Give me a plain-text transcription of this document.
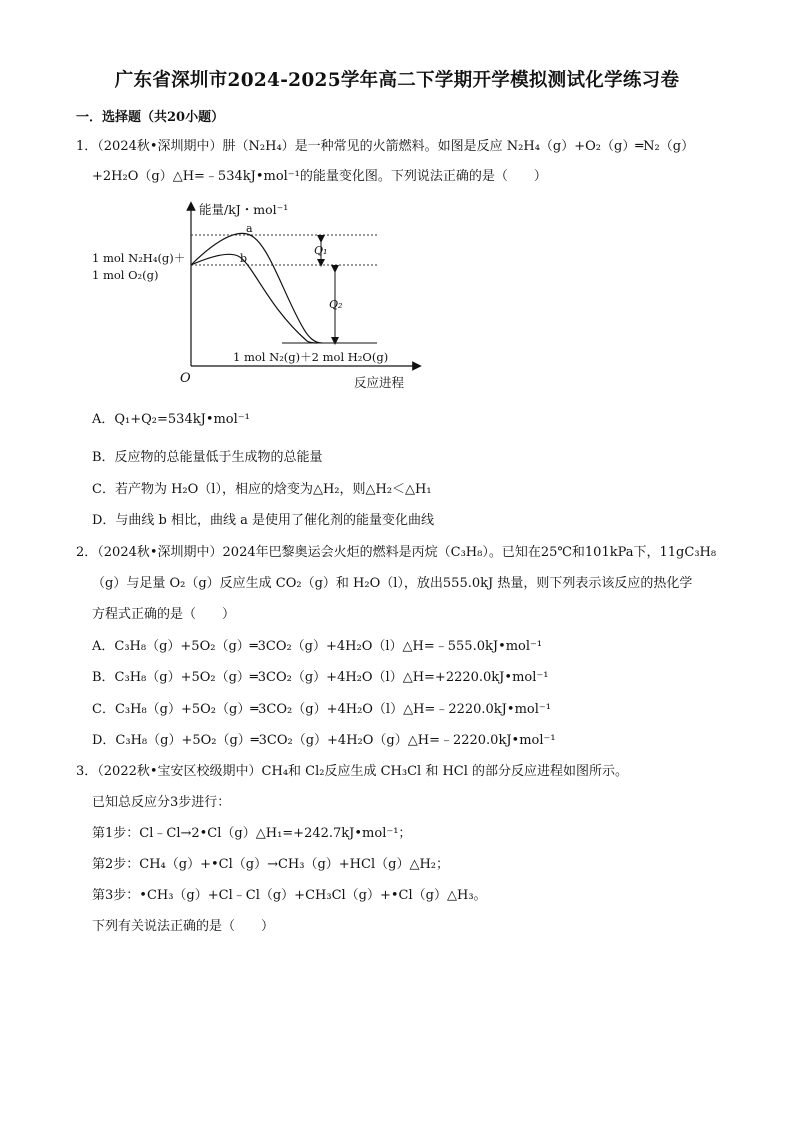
广东省深圳市2024-2025学年高二下学期开学模拟测试化学练习卷
一．选择题（共20小题）
1．（2024秋•深圳期中）肼（N₂H₄）是一种常见的火箭燃料。如图是反应 N₂H₄（g）+O₂（g）═N₂（g）
+2H₂O（g）△H=﹣534kJ•mol⁻¹的能量变化图。下列说法正确的是（　　）
能量/kJ・mol⁻¹
反应进程
O
1 mol N₂H₄(g)＋
1 mol O₂(g)
1 mol N₂(g)＋2 mol H₂O(g)
a
b
Q₁
Q₂
A．Q₁+Q₂=534kJ•mol⁻¹
B．反应物的总能量低于生成物的总能量
C．若产物为 H₂O（l），相应的焓变为△H₂，则△H₂＜△H₁
D．与曲线 b 相比，曲线 a 是使用了催化剂的能量变化曲线
2．（2024秋•深圳期中）2024年巴黎奥运会火炬的燃料是丙烷（C₃H₈）。已知在25℃和101kPa下，11gC₃H₈
（g）与足量 O₂（g）反应生成 CO₂（g）和 H₂O（l），放出555.0kJ 热量，则下列表示该反应的热化学
方程式正确的是（　　）
A．C₃H₈（g）+5O₂（g）═3CO₂（g）+4H₂O（l）△H=﹣555.0kJ•mol⁻¹
B．C₃H₈（g）+5O₂（g）═3CO₂（g）+4H₂O（l）△H=+2220.0kJ•mol⁻¹
C．C₃H₈（g）+5O₂（g）═3CO₂（g）+4H₂O（l）△H=﹣2220.0kJ•mol⁻¹
D．C₃H₈（g）+5O₂（g）═3CO₂（g）+4H₂O（g）△H=﹣2220.0kJ•mol⁻¹
3．（2022秋•宝安区校级期中）CH₄和 Cl₂反应生成 CH₃Cl 和 HCl 的部分反应进程如图所示。
已知总反应分3步进行：
第1步：Cl﹣Cl→2•Cl（g）△H₁=+242.7kJ•mol⁻¹；
第2步：CH₄（g）+•Cl（g）→CH₃（g）+HCl（g）△H₂；
第3步：•CH₃（g）+Cl﹣Cl（g）+CH₃Cl（g）+•Cl（g）△H₃。
下列有关说法正确的是（　　）
